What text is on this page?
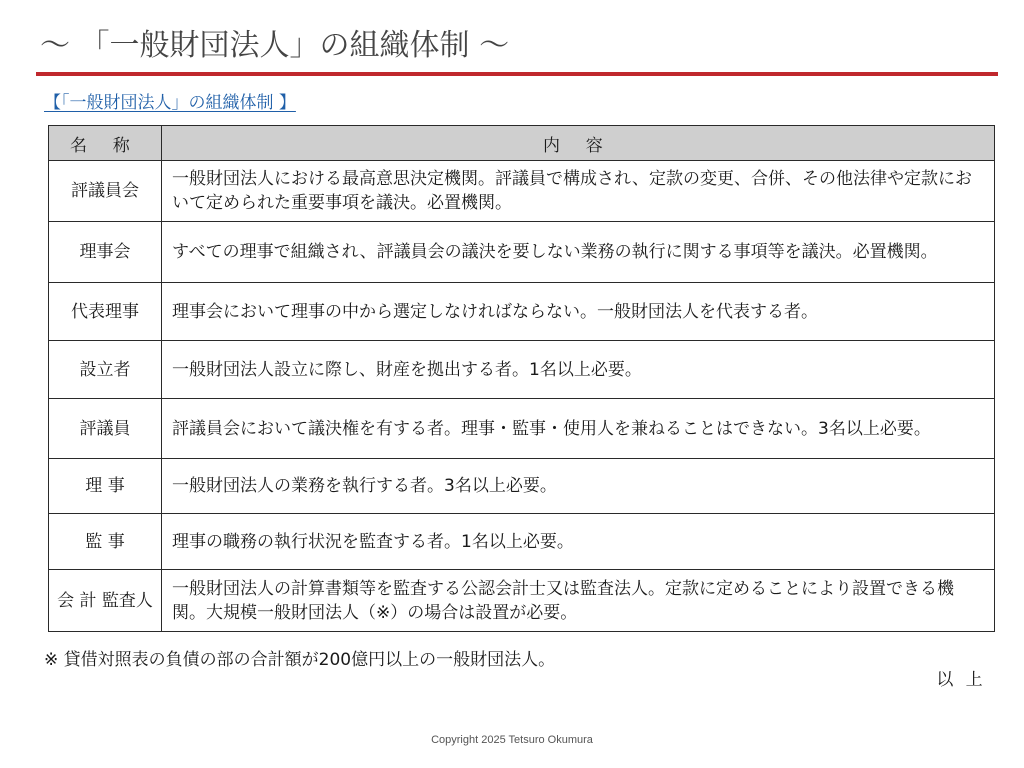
～ 「一般財団法人」の組織体制 ～
【「一般財団法人」の組織体制 】
名 称	内 容
評議員会	一般財団法人における最高意思決定機関。評議員で構成され、定款の変更、合併、その他法律や定款において定められた重要事項を議決。必置機関。
理事会	すべての理事で組織され、評議員会の議決を要しない業務の執行に関する事項等を議決。必置機関。
代表理事	理事会において理事の中から選定しなければならない。一般財団法人を代表する者。
設立者	一般財団法人設立に際し、財産を拠出する者。1名以上必要。
評議員	評議員会において議決権を有する者。理事・監事・使用人を兼ねることはできない。3名以上必要。
理 事	一般財団法人の業務を執行する者。3名以上必要。
監 事	理事の職務の執行状況を監査する者。1名以上必要。
会 計 監査人	一般財団法人の計算書類等を監査する公認会計士又は監査法人。定款に定めることにより設置できる機関。大規模一般財団法人（※）の場合は設置が必要。
※ 貸借対照表の負債の部の合計額が200億円以上の一般財団法人。
以 上
Copyright 2025 Tetsuro Okumura
